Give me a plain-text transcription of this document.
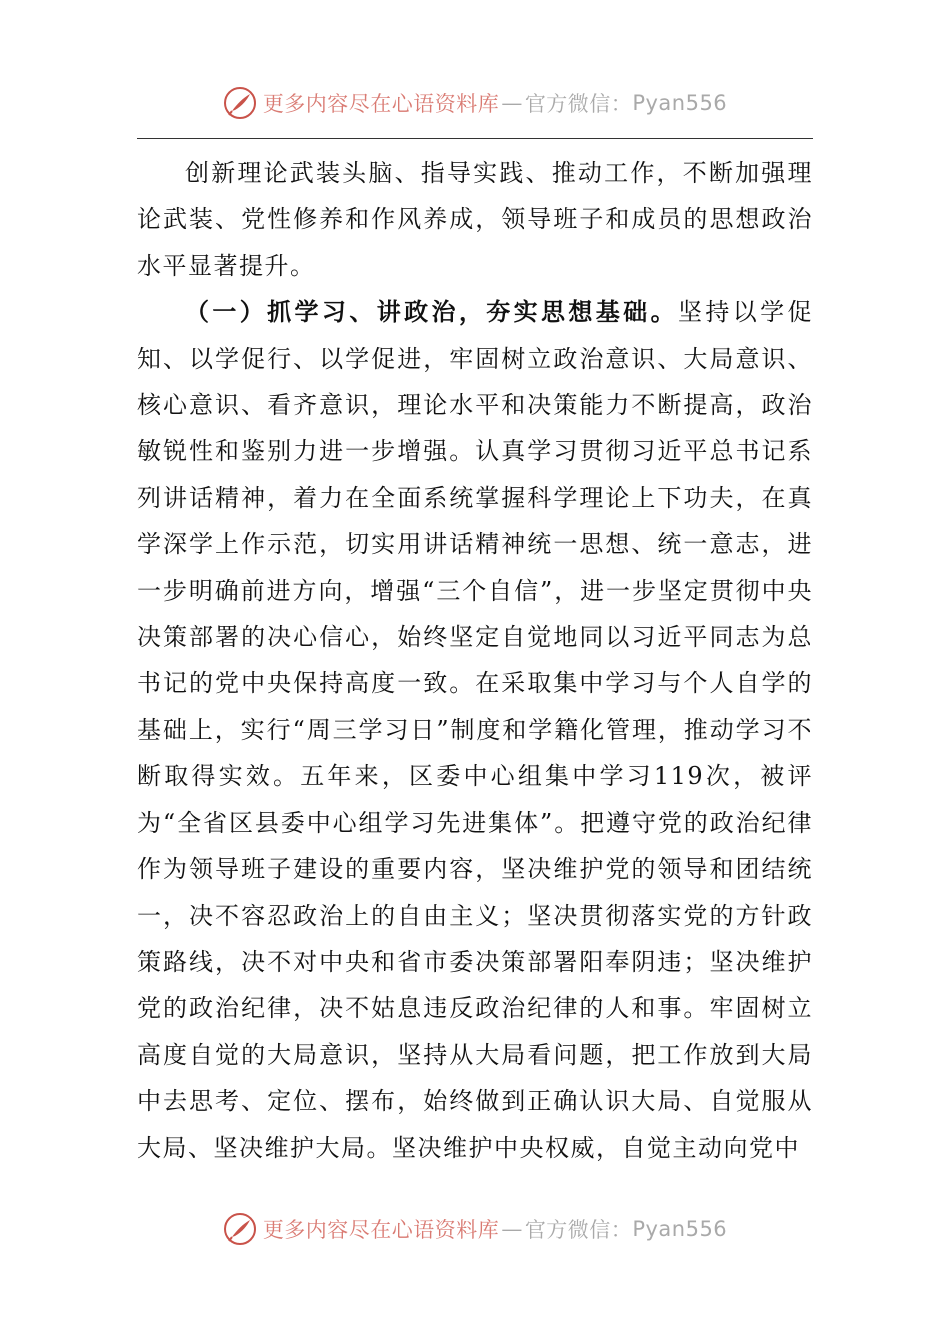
更多内容尽在心语资料库 — 官方微信： Pyan556

创新理论武装头脑、指导实践、推动工作，不断加强理论武装、党性修养和作风养成，领导班子和成员的思想政治水平显著提升。

（一）抓学习、讲政治，夯实思想基础。坚持以学促知、以学促行、以学促进，牢固树立政治意识、大局意识、核心意识、看齐意识，理论水平和决策能力不断提高，政治敏锐性和鉴别力进一步增强。认真学习贯彻习近平总书记系列讲话精神，着力在全面系统掌握科学理论上下功夫，在真学深学上作示范，切实用讲话精神统一思想、统一意志，进一步明确前进方向，增强“三个自信”，进一步坚定贯彻中央决策部署的决心信心，始终坚定自觉地同以习近平同志为总书记的党中央保持高度一致。在采取集中学习与个人自学的基础上，实行“周三学习日”制度和学籍化管理，推动学习不断取得实效。五年来，区委中心组集中学习119次，被评为“全省区县委中心组学习先进集体”。把遵守党的政治纪律作为领导班子建设的重要内容，坚决维护党的领导和团结统一，决不容忍政治上的自由主义；坚决贯彻落实党的方针政策路线，决不对中央和省市委决策部署阳奉阴违；坚决维护党的政治纪律，决不姑息违反政治纪律的人和事。牢固树立高度自觉的大局意识，坚持从大局看问题，把工作放到大局中去思考、定位、摆布，始终做到正确认识大局、自觉服从大局、坚决维护大局。坚决维护中央权威，自觉主动向党中

更多内容尽在心语资料库 — 官方微信： Pyan556
